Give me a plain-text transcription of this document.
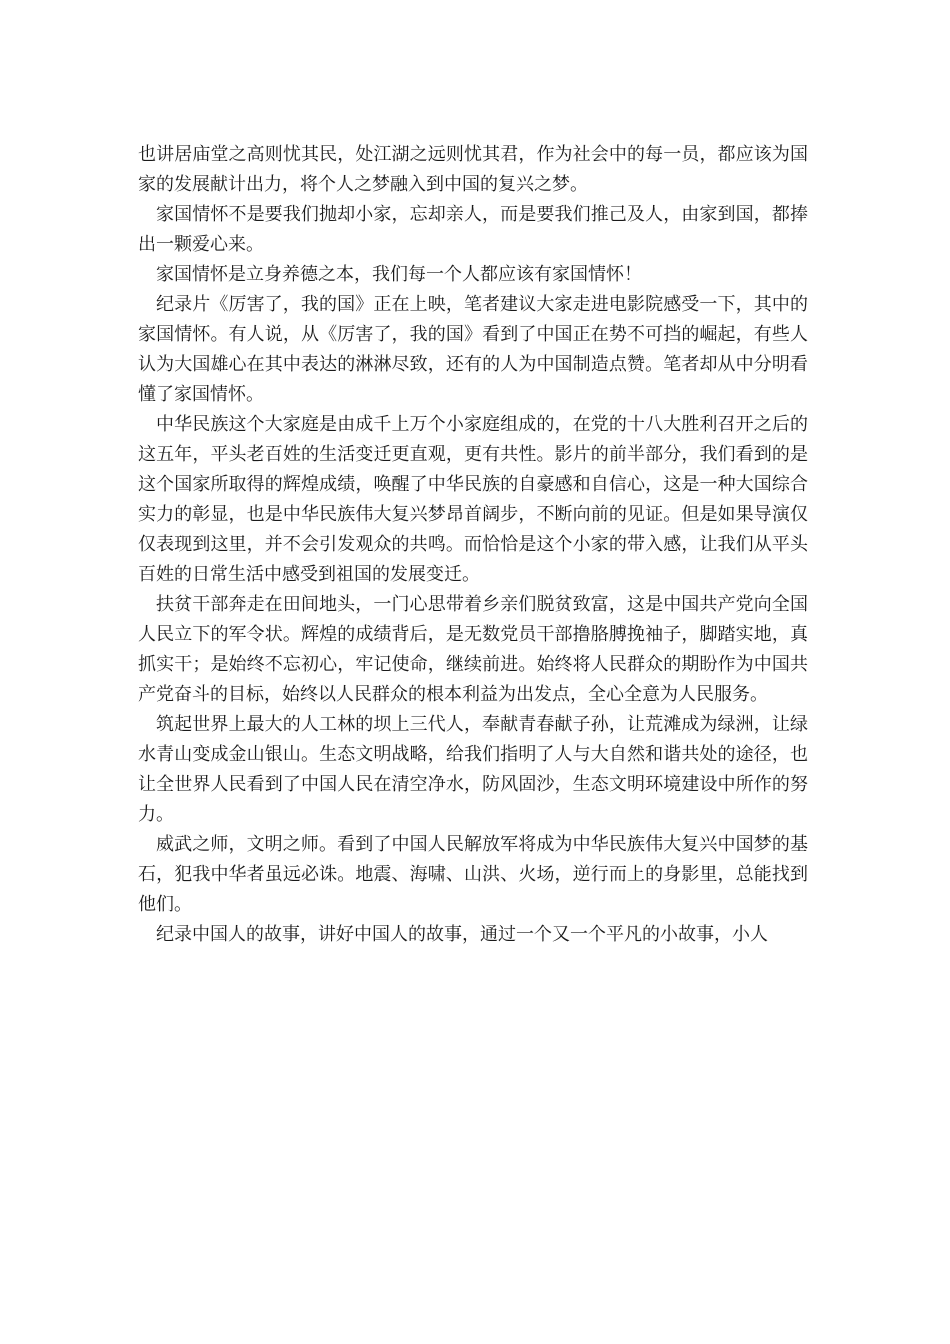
也讲居庙堂之高则忧其民，处江湖之远则忧其君，作为社会中的每一员，都应该为国家的发展献计出力，将个人之梦融入到中国的复兴之梦。

家国情怀不是要我们抛却小家，忘却亲人，而是要我们推己及人，由家到国，都捧出一颗爱心来。

家国情怀是立身养德之本，我们每一个人都应该有家国情怀！

纪录片《厉害了，我的国》正在上映，笔者建议大家走进电影院感受一下，其中的家国情怀。有人说，从《厉害了，我的国》看到了中国正在势不可挡的崛起，有些人认为大国雄心在其中表达的淋淋尽致，还有的人为中国制造点赞。笔者却从中分明看懂了家国情怀。

中华民族这个大家庭是由成千上万个小家庭组成的，在党的十八大胜利召开之后的这五年，平头老百姓的生活变迁更直观，更有共性。影片的前半部分，我们看到的是这个国家所取得的辉煌成绩，唤醒了中华民族的自豪感和自信心，这是一种大国综合实力的彰显，也是中华民族伟大复兴梦昂首阔步，不断向前的见证。但是如果导演仅仅表现到这里，并不会引发观众的共鸣。而恰恰是这个小家的带入感，让我们从平头百姓的日常生活中感受到祖国的发展变迁。

扶贫干部奔走在田间地头，一门心思带着乡亲们脱贫致富，这是中国共产党向全国人民立下的军令状。辉煌的成绩背后，是无数党员干部撸胳膊挽袖子，脚踏实地，真抓实干；是始终不忘初心，牢记使命，继续前进。始终将人民群众的期盼作为中国共产党奋斗的目标，始终以人民群众的根本利益为出发点，全心全意为人民服务。

筑起世界上最大的人工林的坝上三代人，奉献青春献子孙，让荒滩成为绿洲，让绿水青山变成金山银山。生态文明战略，给我们指明了人与大自然和谐共处的途径，也让全世界人民看到了中国人民在清空净水，防风固沙，生态文明环境建设中所作的努力。

威武之师，文明之师。看到了中国人民解放军将成为中华民族伟大复兴中国梦的基石，犯我中华者虽远必诛。地震、海啸、山洪、火场，逆行而上的身影里，总能找到他们。

纪录中国人的故事，讲好中国人的故事，通过一个又一个平凡的小故事，小人
